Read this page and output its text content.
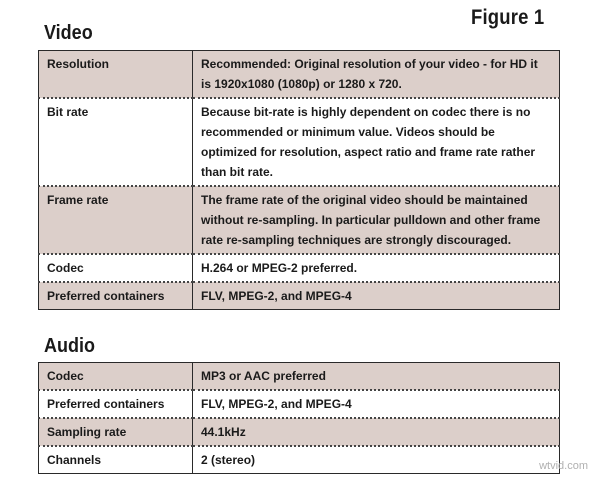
Figure 1
Video
Resolution	Recommended: Original resolution of your video - for HD it is 1920x1080 (1080p) or 1280 x 720.

Bit rate	Because bit-rate is highly dependent on codec there is no recommended or minimum value. Videos should be optimized for resolution, aspect ratio and frame rate rather than bit rate.

Frame rate	The frame rate of the original video should be maintained without re-sampling. In particular pulldown and other frame rate re-sampling techniques are strongly discouraged.

Codec	H.264 or MPEG-2 preferred.

Preferred containers	FLV, MPEG-2, and MPEG-4
Audio
Codec	MP3 or AAC preferred

Preferred containers	FLV, MPEG-2, and MPEG-4

Sampling rate	44.1kHz

Channels	2 (stereo)	wtvid.com
